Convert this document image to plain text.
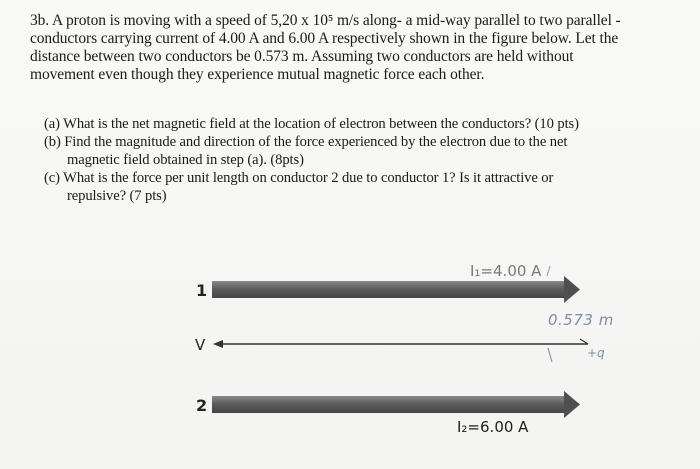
3b. A proton is moving with a speed of 5,20 x 10⁵ m/s along- a mid-way parallel to two parallel -
conductors carrying current of 4.00 A and 6.00 A respectively shown in the figure below. Let the
distance between two conductors be 0.573 m. Assuming two conductors are held without
movement even though they experience mutual magnetic force each other.
(a) What is the net magnetic field at the location of electron between the conductors? (10 pts)
(b) Find the magnitude and direction of the force experienced by the electron due to the net
magnetic field obtained in step (a). (8pts)
(c) What is the force per unit length on conductor 2 due to conductor 1? Is it attractive or
repulsive? (7 pts)
1
2
V
I₁=4.00 A
I₂=6.00 A
0.573 m
+q
